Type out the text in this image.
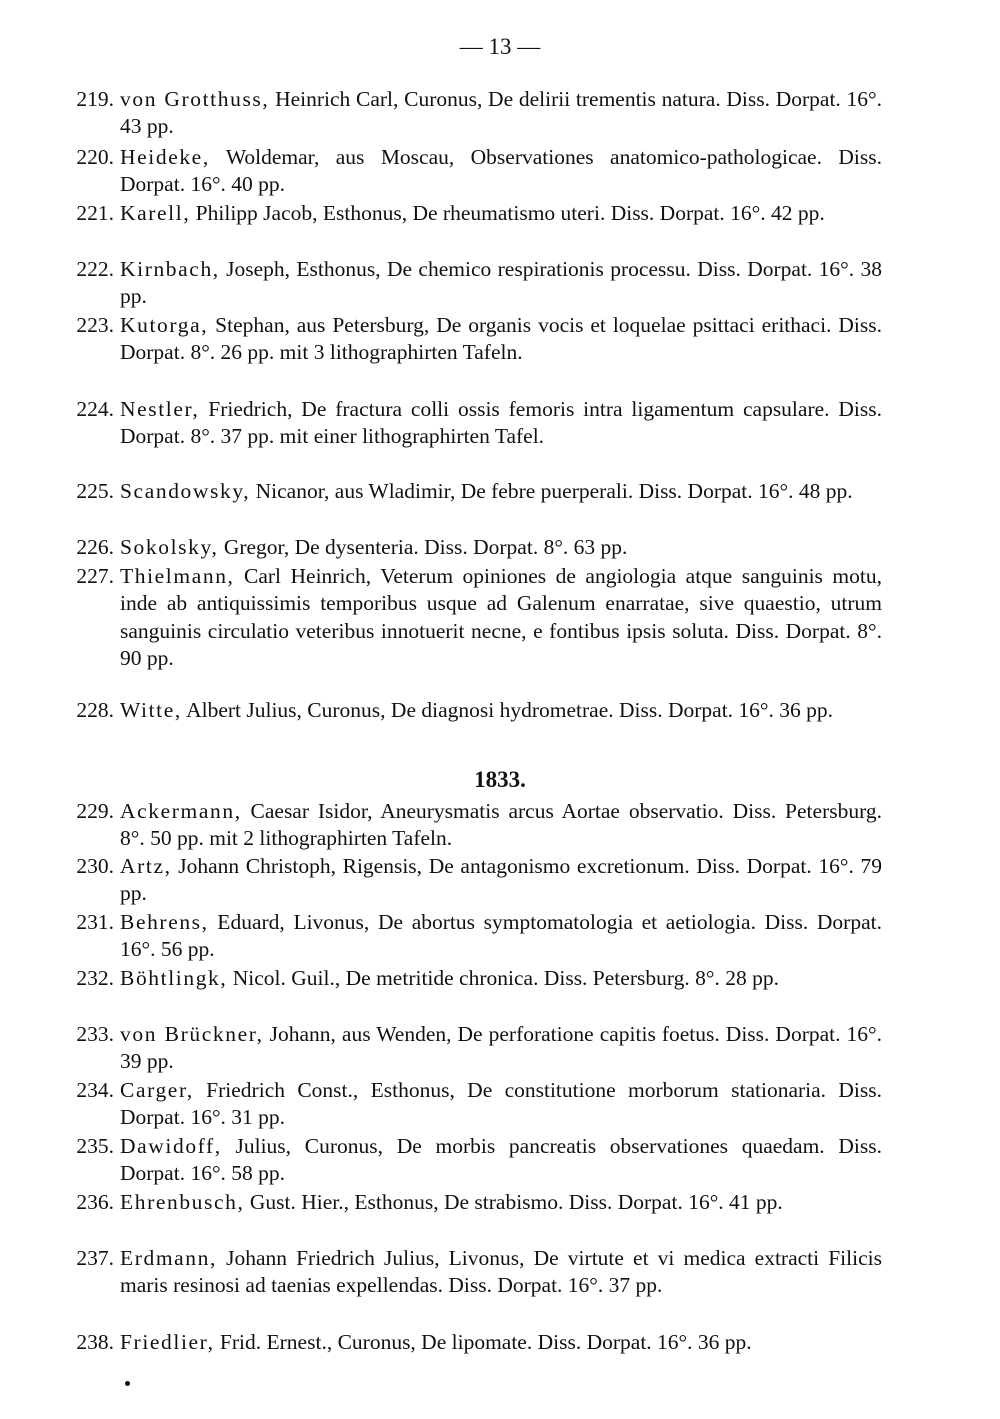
— 13 —
219. von Grotthuss, Heinrich Carl, Curonus, De delirii trementis natura. Diss. Dorpat. 16°. 43 pp.
220. Heideke, Woldemar, aus Moscau, Observationes anatomico-pathologicae. Diss. Dorpat. 16°. 40 pp.
221. Karell, Philipp Jacob, Esthonus, De rheumatismo uteri. Diss. Dorpat. 16°. 42 pp.
222. Kirnbach, Joseph, Esthonus, De chemico respirationis processu. Diss. Dorpat. 16°. 38 pp.
223. Kutorga, Stephan, aus Petersburg, De organis vocis et loquelae psittaci erithaci. Diss. Dorpat. 8°. 26 pp. mit 3 lithographirten Tafeln.
224. Nestler, Friedrich, De fractura colli ossis femoris intra ligamentum capsulare. Diss. Dorpat. 8°. 37 pp. mit einer lithographirten Tafel.
225. Scandowsky, Nicanor, aus Wladimir, De febre puerperali. Diss. Dorpat. 16°. 48 pp.
226. Sokolsky, Gregor, De dysenteria. Diss. Dorpat. 8°. 63 pp.
227. Thielmann, Carl Heinrich, Veterum opiniones de angiologia atque sanguinis motu, inde ab antiquissimis temporibus usque ad Galenum enarratae, sive quaestio, utrum sanguinis circulatio veteribus innotuerit necne, e fontibus ipsis soluta. Diss. Dorpat. 8°. 90 pp.
228. Witte, Albert Julius, Curonus, De diagnosi hydrometrae. Diss. Dorpat. 16°. 36 pp.
1833.
229. Ackermann, Caesar Isidor, Aneurysmatis arcus Aortae observatio. Diss. Petersburg. 8°. 50 pp. mit 2 lithographirten Tafeln.
230. Artz, Johann Christoph, Rigensis, De antagonismo excretionum. Diss. Dorpat. 16°. 79 pp.
231. Behrens, Eduard, Livonus, De abortus symptomatologia et aetiologia. Diss. Dorpat. 16°. 56 pp.
232. Böhtlingk, Nicol. Guil., De metritide chronica. Diss. Petersburg. 8°. 28 pp.
233. von Brückner, Johann, aus Wenden, De perforatione capitis foetus. Diss. Dorpat. 16°. 39 pp.
234. Carger, Friedrich Const., Esthonus, De constitutione morborum stationaria. Diss. Dorpat. 16°. 31 pp.
235. Dawidoff, Julius, Curonus, De morbis pancreatis observationes quaedam. Diss. Dorpat. 16°. 58 pp.
236. Ehrenbusch, Gust. Hier., Esthonus, De strabismo. Diss. Dorpat. 16°. 41 pp.
237. Erdmann, Johann Friedrich Julius, Livonus, De virtute et vi medica extracti Filicis maris resinosi ad taenias expellendas. Diss. Dorpat. 16°. 37 pp.
238. Friedlier, Frid. Ernest., Curonus, De lipomate. Diss. Dorpat. 16°. 36 pp.
